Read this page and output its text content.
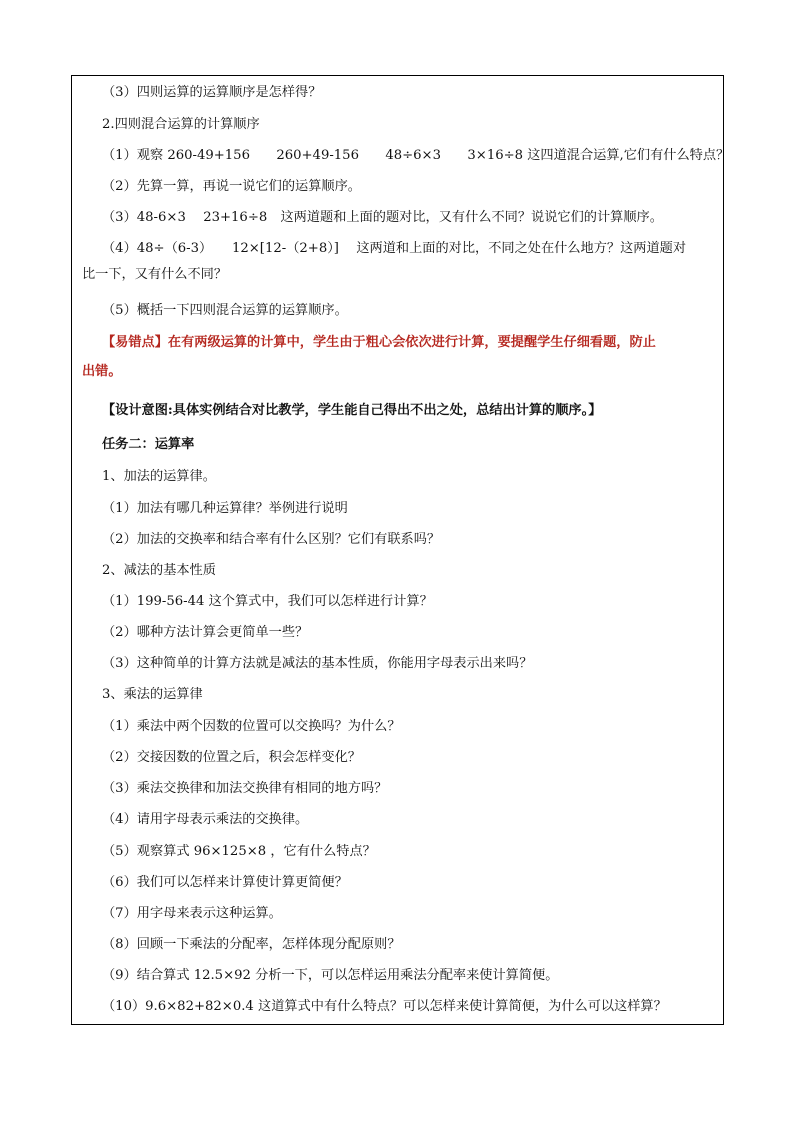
（3）四则运算的运算顺序是怎样得？
2.四则混合运算的计算顺序
（1）观察 260-49+156　　260+49-156　　48÷6×3　　3×16÷8 这四道混合运算,它们有什么特点？
（2）先算一算，再说一说它们的运算顺序。
（3）48-6×3　 23+16÷8　这两道题和上面的题对比，又有什么不同？说说它们的计算顺序。
（4）48÷（6-3）　　12×[12-（2+8）]　 这两道和上面的对比，不同之处在什么地方？这两道题对
比一下，又有什么不同？
（5）概括一下四则混合运算的运算顺序。
【易错点】在有两级运算的计算中，学生由于粗心会依次进行计算，要提醒学生仔细看题，防止
出错。
【设计意图:具体实例结合对比教学，学生能自己得出不出之处，总结出计算的顺序。】
任务二：运算率
1、加法的运算律。
（1）加法有哪几种运算律？举例进行说明
（2）加法的交换率和结合率有什么区别？它们有联系吗？
2、减法的基本性质
（1）199-56-44 这个算式中，我们可以怎样进行计算？
（2）哪种方法计算会更简单一些？
（3）这种简单的计算方法就是减法的基本性质，你能用字母表示出来吗？
3、乘法的运算律
（1）乘法中两个因数的位置可以交换吗？为什么？
（2）交接因数的位置之后，积会怎样变化？
（3）乘法交换律和加法交换律有相同的地方吗？
（4）请用字母表示乘法的交换律。
（5）观察算式 96×125×8 ，它有什么特点？
（6）我们可以怎样来计算使计算更简便？
（7）用字母来表示这种运算。
（8）回顾一下乘法的分配率，怎样体现分配原则？
（9）结合算式 12.5×92 分析一下，可以怎样运用乘法分配率来使计算简便。
（10）9.6×82+82×0.4 这道算式中有什么特点？可以怎样来使计算简便，为什么可以这样算？
